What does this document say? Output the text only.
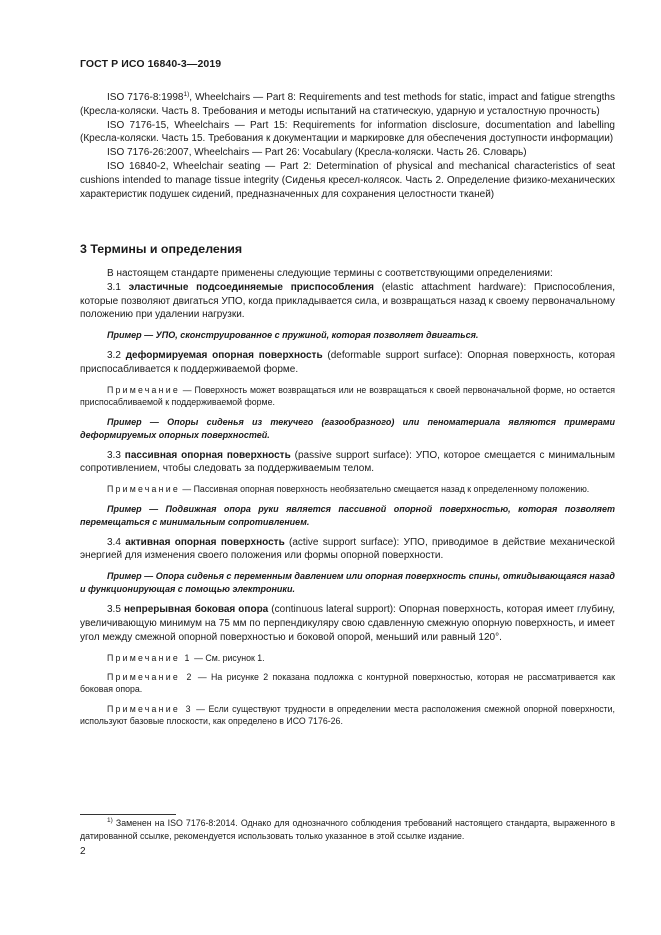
ГОСТ Р ИСО 16840-3—2019

ISO 7176-8:1998$^{1)}$, Wheelchairs — Part 8: Requirements and test methods for static, impact and fatigue strengths (Кресла-коляски. Часть 8. Требования и методы испытаний на статическую, ударную и усталостную прочность)

ISO 7176-15, Wheelchairs — Part 15: Requirements for information disclosure, documentation and labelling (Кресла-коляски. Часть 15. Требования к документации и маркировке для обеспечения доступности информации)

ISO 7176-26:2007, Wheelchairs — Part 26: Vocabulary (Кресла-коляски. Часть 26. Словарь)

ISO 16840-2, Wheelchair seating — Part 2: Determination of physical and mechanical characteristics of seat cushions intended to manage tissue integrity (Сиденья кресел-колясок. Часть 2. Определение физико-механических характеристик подушек сидений, предназначенных для сохранения целостности тканей)

3 Термины и определения

В настоящем стандарте применены следующие термины с соответствующими определениями:

3.1 эластичные подсоединяемые приспособления (elastic attachment hardware): Приспособления, которые позволяют двигаться УПО, когда прикладывается сила, и возвращаться назад к своему первоначальному положению при удалении нагрузки.

Пример — УПО, сконструированное с пружиной, которая позволяет двигаться.

3.2 деформируемая опорная поверхность (deformable support surface): Опорная поверхность, которая приспосабливается к поддерживаемой форме.

Примечание — Поверхность может возвращаться или не возвращаться к своей первоначальной форме, но остается приспосабливаемой к поддерживаемой форме.

Пример — Опоры сиденья из текучего (газообразного) или пеноматериала являются примерами деформируемых опорных поверхностей.

3.3 пассивная опорная поверхность (passive support surface): УПО, которое смещается с минимальным сопротивлением, чтобы следовать за поддерживаемым телом.

Примечание — Пассивная опорная поверхность необязательно смещается назад к определенному положению.

Пример — Подвижная опора руки является пассивной опорной поверхностью, которая позволяет перемещаться с минимальным сопротивлением.

3.4 активная опорная поверхность (active support surface): УПО, приводимое в действие механической энергией для изменения своего положения или формы опорной поверхности.

Пример — Опора сиденья с переменным давлением или опорная поверхность спины, откидывающаяся назад и функционирующая с помощью электроники.

3.5 непрерывная боковая опора (continuous lateral support): Опорная поверхность, которая имеет глубину, увеличивающую минимум на 75 мм по перпендикуляру свою сдавленную смежную опорную поверхность, и имеет угол между смежной опорной поверхностью и боковой опорой, меньший или равный 120°.

Примечание 1 — См. рисунок 1.

Примечание 2 — На рисунке 2 показана подложка с контурной поверхностью, которая не рассматривается как боковая опора.

Примечание 3 — Если существуют трудности в определении места расположения смежной опорной поверхности, используют базовые плоскости, как определено в ИСО 7176-26.

$^{1)}$ Заменен на ISO 7176-8:2014. Однако для однозначного соблюдения требований настоящего стандарта, выраженного в датированной ссылке, рекомендуется использовать только указанное в этой ссылке издание.
2
